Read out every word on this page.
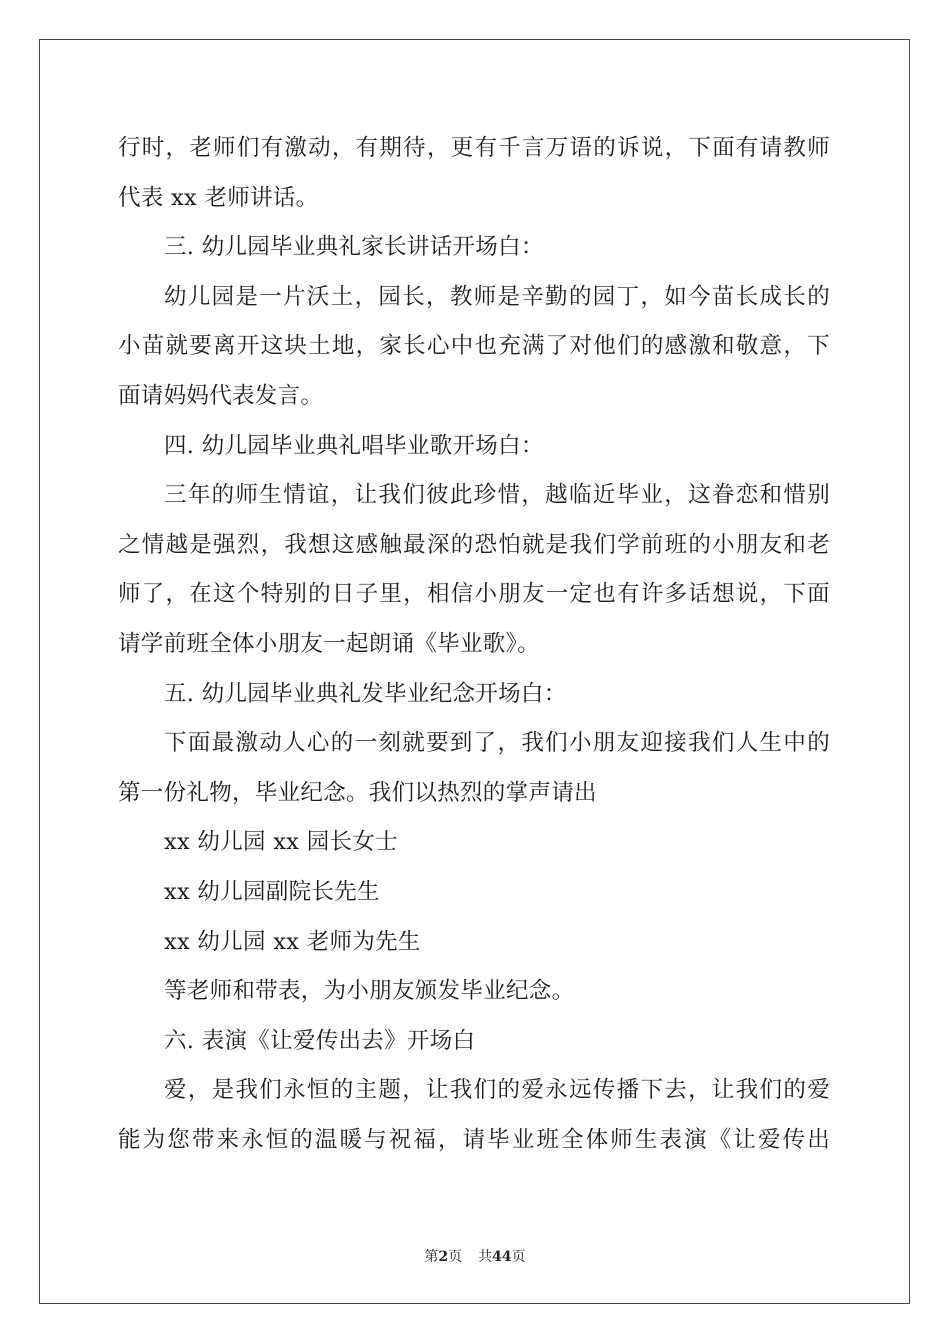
行时，老师们有激动，有期待，更有千言万语的诉说，下面有请教师
代表 xx 老师讲话。
三. 幼儿园毕业典礼家长讲话开场白：
幼儿园是一片沃土，园长，教师是辛勤的园丁，如今苗长成长的
小苗就要离开这块土地，家长心中也充满了对他们的感激和敬意，下
面请妈妈代表发言。
四. 幼儿园毕业典礼唱毕业歌开场白：
三年的师生情谊，让我们彼此珍惜，越临近毕业，这眷恋和惜别
之情越是强烈，我想这感触最深的恐怕就是我们学前班的小朋友和老
师了，在这个特别的日子里，相信小朋友一定也有许多话想说，下面
请学前班全体小朋友一起朗诵《毕业歌》。
五. 幼儿园毕业典礼发毕业纪念开场白：
下面最激动人心的一刻就要到了，我们小朋友迎接我们人生中的
第一份礼物，毕业纪念。我们以热烈的掌声请出
xx 幼儿园 xx 园长女士
xx 幼儿园副院长先生
xx 幼儿园 xx 老师为先生
等老师和带表，为小朋友颁发毕业纪念。
六. 表演《让爱传出去》开场白
爱，是我们永恒的主题，让我们的爱永远传播下去，让我们的爱
能为您带来永恒的温暖与祝福，请毕业班全体师生表演《让爱传出
第2页 共44页
